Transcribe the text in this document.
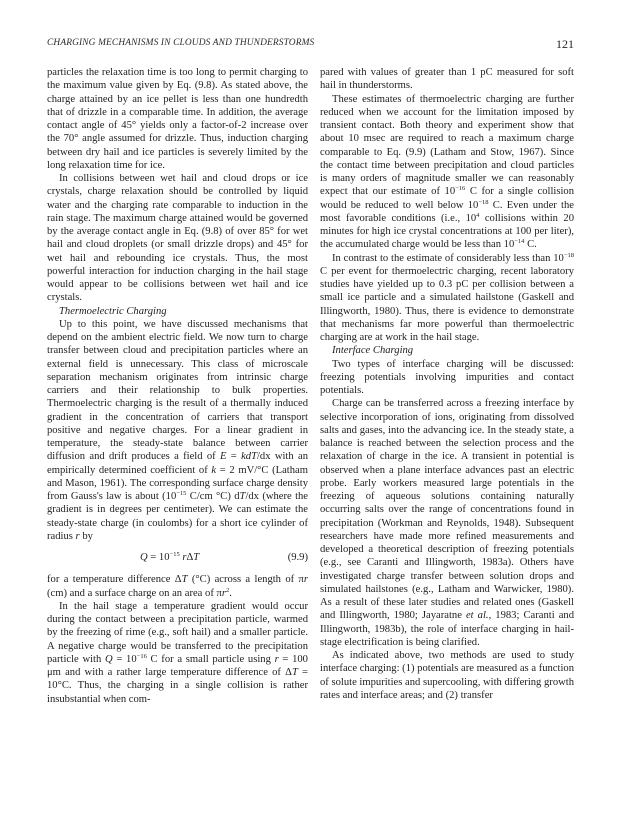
CHARGING MECHANISMS IN CLOUDS AND THUNDERSTORMS	121

particles the relaxation time is too long to permit charging to the maximum value given by Eq. (9.8). As stated above, the charge attained by an ice pellet is less than one hundredth that of drizzle in a comparable time. In addition, the average contact angle of 45° yields only a factor-of-2 increase over the 70° angle assumed for drizzle. Thus, induction charging between dry hail and ice particles is severely limited by the long relaxation time for ice.

In collisions between wet hail and cloud drops or ice crystals, charge relaxation should be controlled by liquid water and the charging rate comparable to induction in the rain stage. The maximum charge attained would be governed by the average contact angle in Eq. (9.8) of over 85° for wet hail and cloud droplets (or small drizzle drops) and 45° for wet hail and rebounding ice crystals. Thus, the most powerful interaction for induction charging in the hail stage would appear to be collisions between wet hail and ice crystals.

Thermoelectric Charging

Up to this point, we have discussed mechanisms that depend on the ambient electric field. We now turn to charge transfer between cloud and precipitation particles where an external field is unnecessary. This class of microscale separation mechanism originates from intrinsic charge carriers and their relationship to bulk properties. Thermoelectric charging is the result of a thermally induced gradient in the concentration of carriers that transport positive and negative charges. For a linear gradient in temperature, the steady-state balance between carrier diffusion and drift produces a field of E = kdT/dx with an empirically determined coefficient of k = 2 mV/°C (Latham and Mason, 1961). The corresponding surface charge density from Gauss's law is about ($10^{-15}$ C/cm °C) dT/dx (where the gradient is in degrees per centimeter). We can estimate the steady-state charge (in coulombs) for a short ice cylinder of radius r by

$Q = 10^{-15}$ rΔT	(9.9)

for a temperature difference ΔT (°C) across a length of πr (cm) and a surface charge on an area of $\pi r^2$.

In the hail stage a temperature gradient would occur during the contact between a precipitation particle, warmed by the freezing of rime (e.g., soft hail) and a smaller particle. A negative charge would be transferred to the precipitation particle with $Q = 10^{-16}$ C for a small particle using r = 100 μm and with a rather large temperature difference of ΔT = 10°C. Thus, the charging in a single collision is rather insubstantial when com-

pared with values of greater than 1 pC measured for soft hail in thunderstorms.

These estimates of thermoelectric charging are further reduced when we account for the limitation imposed by transient contact. Both theory and experiment show that about 10 msec are required to reach a maximum charge comparable to Eq. (9.9) (Latham and Stow, 1967). Since the contact time between precipitation and cloud particles is many orders of magnitude smaller we can reasonably expect that our estimate of $10^{-16}$ C for a single collision would be reduced to well below $10^{-18}$ C. Even under the most favorable conditions (i.e., $10^4$ collisions within 20 minutes for high ice crystal concentrations at 100 per liter), the accumulated charge would be less than $10^{-14}$ C.

In contrast to the estimate of considerably less than $10^{-18}$ C per event for thermoelectric charging, recent laboratory studies have yielded up to 0.3 pC per collision between a small ice particle and a simulated hailstone (Gaskell and Illingworth, 1980). Thus, there is evidence to demonstrate that mechanisms far more powerful than thermoelectric charging are at work in the hail stage.

Interface Charging

Two types of interface charging will be discussed: freezing potentials involving impurities and contact potentials.

Charge can be transferred across a freezing interface by selective incorporation of ions, originating from dissolved salts and gases, into the advancing ice. In the steady state, a balance is reached between the selection process and the relaxation of charge in the ice. A transient in potential is observed when a plane interface advances past an electric probe. Early workers measured large potentials in the freezing of aqueous solutions containing naturally occurring salts over the range of concentrations found in precipitation (Workman and Reynolds, 1948). Subsequent researchers have made more refined measurements and developed a theoretical description of freezing potentials (e.g., see Caranti and Illingworth, 1983a). Others have investigated charge transfer between solution drops and simulated hailstones (e.g., Latham and Warwicker, 1980). As a result of these later studies and related ones (Gaskell and Illingworth, 1980; Jayaratne et al., 1983; Caranti and Illingworth, 1983b), the role of interface charging in hail-stage electrification is being clarified.

As indicated above, two methods are used to study interface charging: (1) potentials are measured as a function of solute impurities and supercooling, with differing growth rates and interface areas; and (2) transfer
